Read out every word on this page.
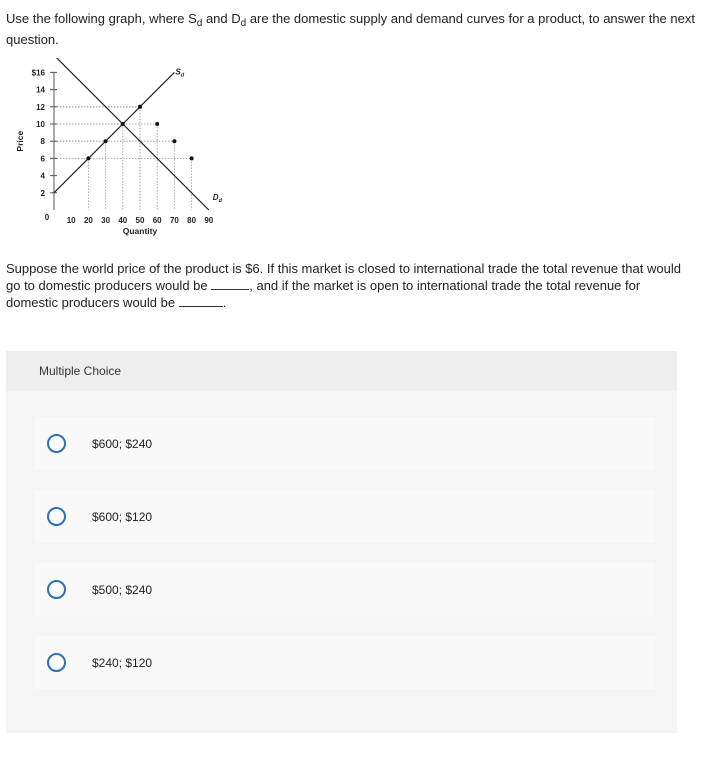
Use the following graph, where $S_d$ and $D_d$ are the domestic supply and demand curves for a product, to answer the next question.
2
4
6
8
10
12
14
$16
10 20 30 40 50 60 70 80 90
0
Quantity
Price
$S_d$
$D_d$
Suppose the world price of the product is $6. If this market is closed to international trade the total revenue that would go to domestic producers would be	, and if the market is open to international trade the total revenue for domestic producers would be	.
Multiple Choice
$600; $240
$600; $120
$500; $240
$240; $120
